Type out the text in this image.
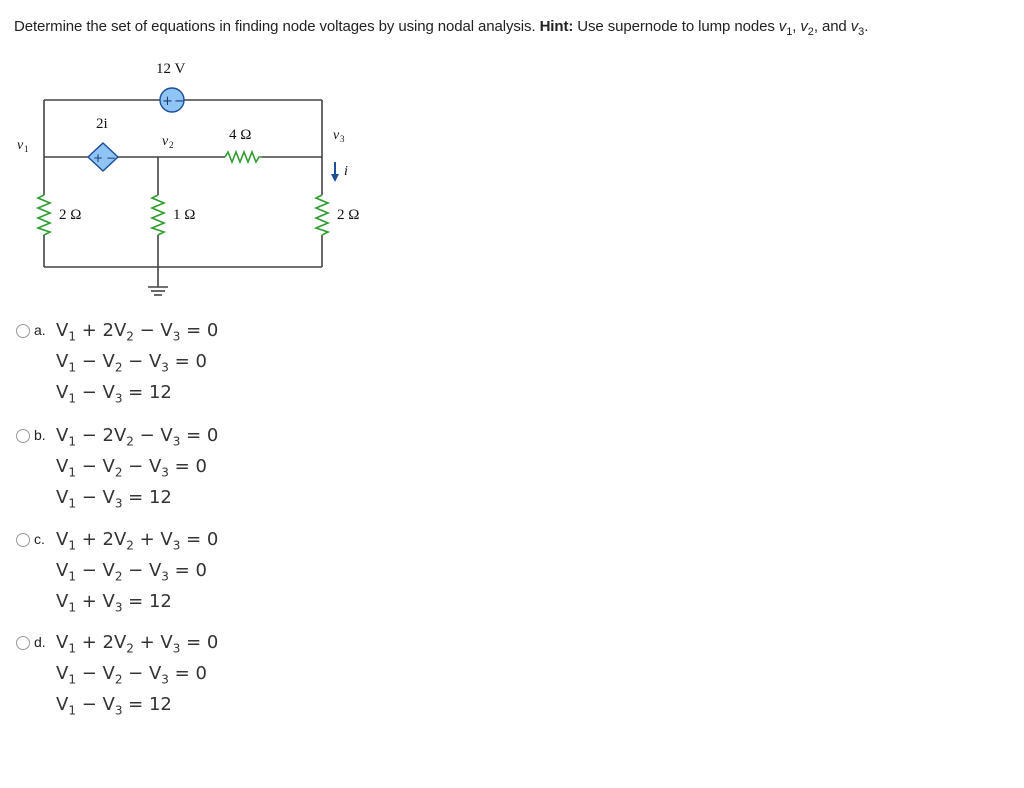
Determine the set of equations in finding node voltages by using nodal analysis. Hint: Use supernode to lump nodes $v_1$, $v_2$, and $v_3$.
+ −
12 V
+ −
2i
2 Ω	1 Ω
4 Ω
2 Ω
v 1	v 2
v 3
i
a. $V_1 + 2V_2 - V_3 = 0$
$V_1 - V_2 - V_3 = 0$
$V_1 - V_3 = 12$
b. $V_1 - 2V_2 - V_3 = 0$
$V_1 - V_2 - V_3 = 0$
$V_1 - V_3 = 12$
c. $V_1 + 2V_2 + V_3 = 0$
$V_1 - V_2 - V_3 = 0$
$V_1 + V_3 = 12$
d. $V_1 + 2V_2 + V_3 = 0$
$V_1 - V_2 - V_3 = 0$
$V_1 - V_3 = 12$
